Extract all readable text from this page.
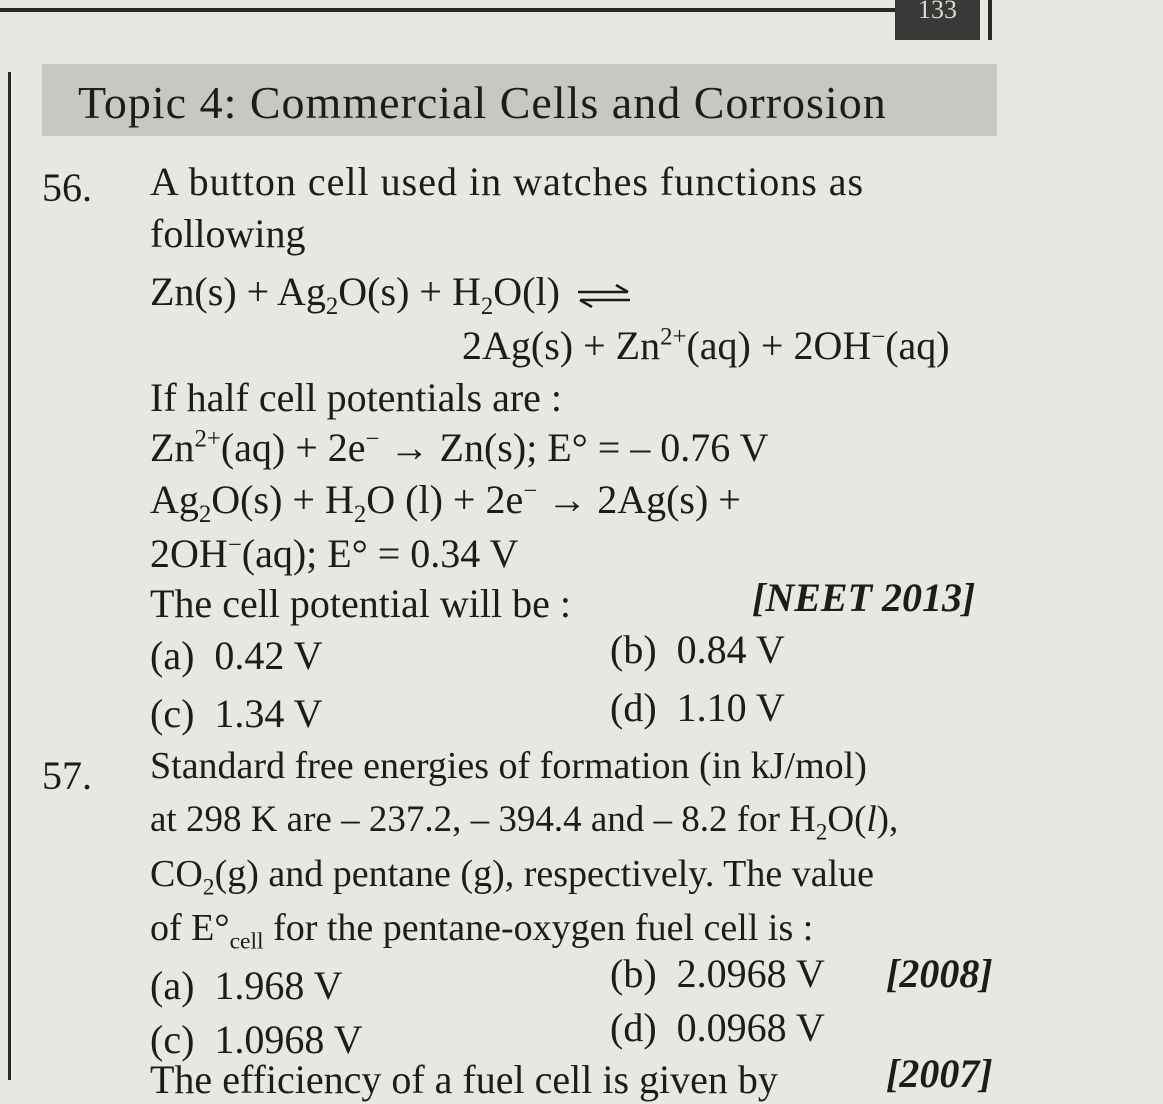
133
Topic 4: Commercial Cells and Corrosion
56. A button cell used in watches functions as
following
$Zn(s) + Ag_2O(s) + H_2O(l)$ ⇌
$2Ag(s) + Zn^{2+}(aq) + 2OH^-(aq)$
If half cell potentials are :
$Zn^{2+}(aq) + 2e^- \to Zn(s)$; E° = – 0.76 V
$Ag_2O(s) + H_2O$ (l) + 2e− → 2Ag(s) +
2OH−(aq); E° = 0.34 V
The cell potential will be :	[NEET 2013]
(a) 0.42 V	(b) 0.84 V
(c) 1.34 V	(d) 1.10 V
57. Standard free energies of formation (in kJ/mol)
at 298 K are – 237.2, – 394.4 and – 8.2 for $H_2O(l)$,
$CO_2(g)$ and pentane (g), respectively. The value
of $E^\circ_{cell}$ for the pentane-oxygen fuel cell is :
(a) 1.968 V	(b) 2.0968 V [2008]
(c) 1.0968 V	(d) 0.0968 V
The efficiency of a fuel cell is given by	[2007]
